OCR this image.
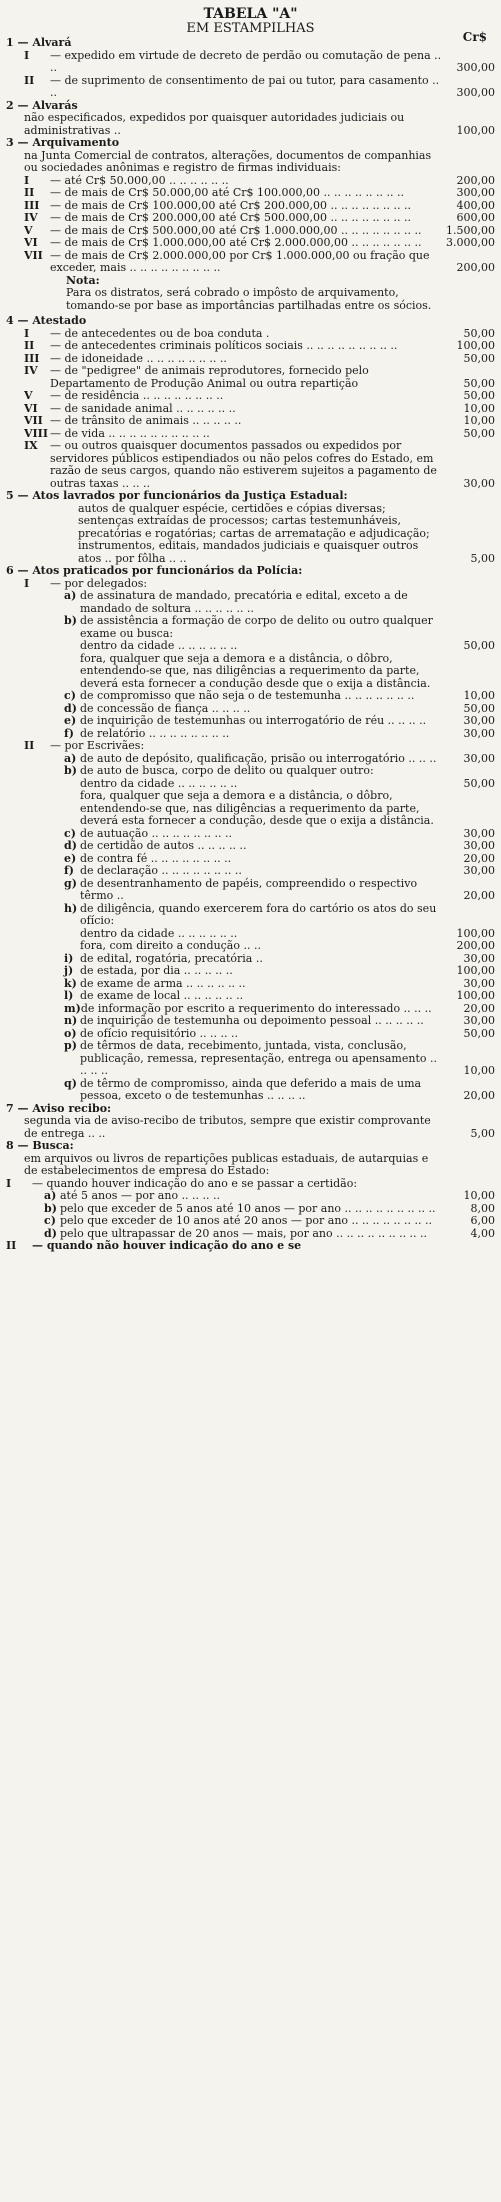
TABELA "A"
EM ESTAMPILHAS
Cr$
1 — Alvará
I	— expedido em virtude de decreto de perdão ou comutação de pena .. ..	300,00
II	— de suprimento de consentimento de pai ou tutor, para casamento .. ..	300,00
2 — Alvarás
não especificados, expedidos por quaisquer autoridades judiciais ou administrativas ..	100,00
3 — Arquivamento
na Junta Comercial de contratos, alterações, documentos de companhias ou sociedades anônimas e registro de firmas individuais:
I	— até Cr$ 50.000,00 .. .. .. .. .. ..	200,00
II	— de mais de Cr$ 50.000,00 até Cr$ 100.000,00 .. .. .. .. .. .. .. ..	300,00
III — de mais de Cr$ 100.000,00 até Cr$ 200.000,00 .. .. .. .. .. .. .. ..	400,00
IV	— de mais de Cr$ 200.000,00 até Cr$ 500.000,00 .. .. .. .. .. .. .. ..	600,00
V	— de mais de Cr$ 500.000,00 até Cr$ 1.000.000,00 .. .. .. .. .. .. .. ..	1.500,00
VI	— de mais de Cr$ 1.000.000,00 até Cr$ 2.000.000,00 .. .. .. .. .. .. ..	3.000,00
VII — de mais de Cr$ 2.000.000,00 por Cr$ 1.000.000,00 ou fração que exceder, mais .. .. .. .. .. .. .. .. ..	200,00
Nota:
Para os distratos, será cobrado o impôsto de arquivamento, tomando-se por base as importâncias partilhadas entre os sócios.
4 — Atestado
I	— de antecedentes ou de boa conduta .	50,00
II	— de antecedentes criminais políticos sociais .. .. .. .. .. .. .. .. ..	100,00
III — de idoneidade .. .. .. .. .. .. .. ..	50,00
IV	— de "pedigree" de animais reprodutores, fornecido pelo Departamento de Produção Animal ou outra repartição	50,00
V	— de residência .. .. .. .. .. .. .. ..	50,00
VI	— de sanidade animal .. .. .. .. .. ..	10,00
VII — de trânsito de animais .. .. .. .. ..	10,00
VIII — de vida .. .. .. .. .. .. .. .. .. ..	50,00
IX	— ou outros quaisquer documentos passados ou expedidos por servidores públicos estipendiados ou não pelos cofres do Estado, em razão de seus cargos, quando não estiverem sujeitos a pagamento de outras taxas .. .. ..	30,00
5 — Atos lavrados por funcionários da Justiça Estadual:
autos de qualquer espécie, certidões e cópias diversas; sentenças extraídas de processos; cartas testemunháveis, precatórias e rogatórias; cartas de arrematação e adjudicação; instrumentos, editais, mandados judiciais e quaisquer outros atos .. por fôlha .. ..	5,00
6 — Atos praticados por funcionários da Polícia:
I	— por delegados:
a) de assinatura de mandado, precatória e edital, exceto a de mandado de soltura .. .. .. .. .. ..
b) de assistência a formação de corpo de delito ou outro qualquer exame ou busca:
dentro da cidade .. .. .. .. .. ..	50,00
fora, qualquer que seja a demora e a distância, o dôbro, entendendo-se que, nas diligências a requerimento da parte, deverá esta fornecer a condução desde que o exija a distância.
c) de compromisso que não seja o de testemunha .. .. .. .. .. .. ..	10,00
d) de concessão de fiança .. .. .. ..	50,00
e) de inquirição de testemunhas ou interrogatório de réu .. .. .. ..	30,00
f) de relatório .. .. .. .. .. .. .. ..	30,00
II	— por Escrivães:
a) de auto de depósito, qualificação, prisão ou interrogatório .. .. ..	30,00
b) de auto de busca, corpo de delito ou qualquer outro:
dentro da cidade .. .. .. .. .. ..	50,00
fora, qualquer que seja a demora e a distância, o dôbro, entendendo-se que, nas diligências a requerimento da parte, deverá esta fornecer a condução, desde que o exija a distância.
c) de autuação .. .. .. .. .. .. .. ..	30,00
d) de certidão de autos .. .. .. .. ..	30,00
e) de contra fé .. .. .. .. .. .. .. ..	20,00
f) de declaração .. .. .. .. .. .. .. ..	30,00
g) de desentranhamento de papéis, compreendido o respectivo têrmo ..	20,00
h) de diligência, quando exercerem fora do cartório os atos do seu ofício:
dentro da cidade .. .. .. .. .. ..	100,00
fora, com direito a condução .. ..	200,00
i) de edital, rogatória, precatória ..	30,00
j) de estada, por dia .. .. .. .. ..	100,00
k) de exame de arma .. .. .. .. .. ..	30,00
l) de exame de local .. .. .. .. .. ..	100,00
m) de informação por escrito a requerimento do interessado .. .. ..	20,00
n) de inquirição de testemunha ou depoimento pessoal .. .. .. .. ..	30,00
o) de ofício requisitório .. .. .. ..	50,00
p) de têrmos de data, recebimento, juntada, vista, conclusão, publicação, remessa, representação, entrega ou apensamento .. .. .. ..	10,00
q) de têrmo de compromisso, ainda que deferido a mais de uma pessoa, exceto o de testemunhas .. .. .. ..	20,00
7 — Aviso recibo:
segunda via de aviso-recibo de tributos, sempre que existir comprovante de entrega .. ..	5,00
8 — Busca:
em arquivos ou livros de repartições publicas estaduais, de autarquias e de estabelecimentos de empresa do Estado:
I	— quando houver indicação do ano e se passar a certidão:
a) até 5 anos — por ano .. .. .. ..	10,00
b) pelo que exceder de 5 anos até 10 anos — por ano .. .. .. .. .. .. .. .. ..	8,00
c) pelo que exceder de 10 anos até 20 anos — por ano .. .. .. .. .. .. .. ..	6,00
d) pelo que ultrapassar de 20 anos — mais, por ano .. .. .. .. .. .. .. .. ..	4,00
II	— quando não houver indicação do ano e se
